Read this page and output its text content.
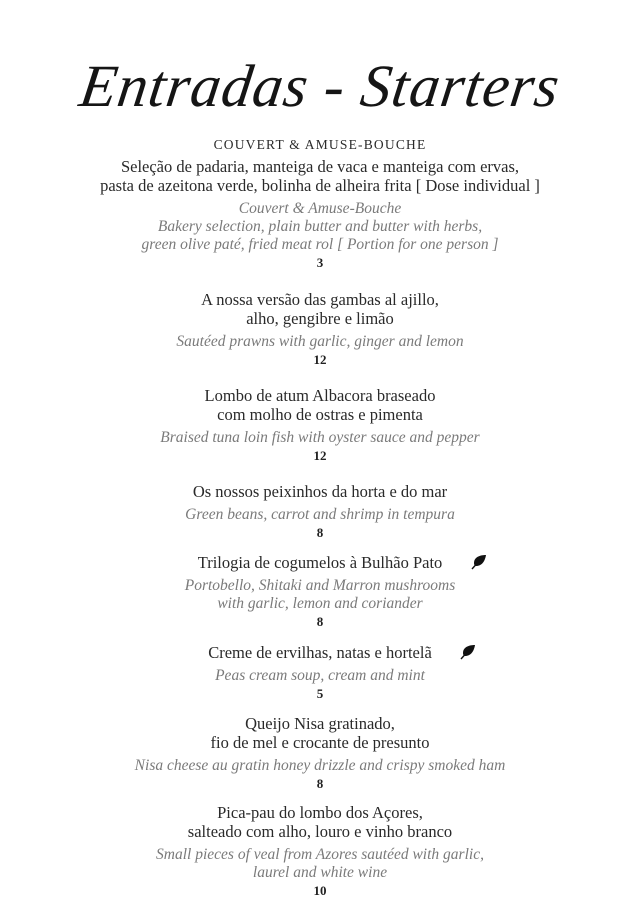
Entradas - Starters
COUVERT & AMUSE-BOUCHE
Seleção de padaria, manteiga de vaca e manteiga com ervas,
pasta de azeitona verde, bolinha de alheira frita [ Dose individual ]
Couvert & Amuse-Bouche
Bakery selection, plain butter and butter with herbs,
green olive paté, fried meat rol [ Portion for one person ]
3
A nossa versão das gambas al ajillo,
alho, gengibre e limão
Sautéed prawns with garlic, ginger and lemon
12
Lombo de atum Albacora braseado
com molho de ostras e pimenta
Braised tuna loin fish with oyster sauce and pepper
12
Os nossos peixinhos da horta e do mar
Green beans, carrot and shrimp in tempura
8
Trilogia de cogumelos à Bulhão Pato
Portobello, Shitaki and Marron mushrooms
with garlic, lemon and coriander
8
Creme de ervilhas, natas e hortelã
Peas cream soup, cream and mint
5
Queijo Nisa gratinado,
fio de mel e crocante de presunto
Nisa cheese au gratin honey drizzle and crispy smoked ham
8
Pica-pau do lombo dos Açores,
salteado com alho, louro e vinho branco
Small pieces of veal from Azores sautéed with garlic,
laurel and white wine
10
